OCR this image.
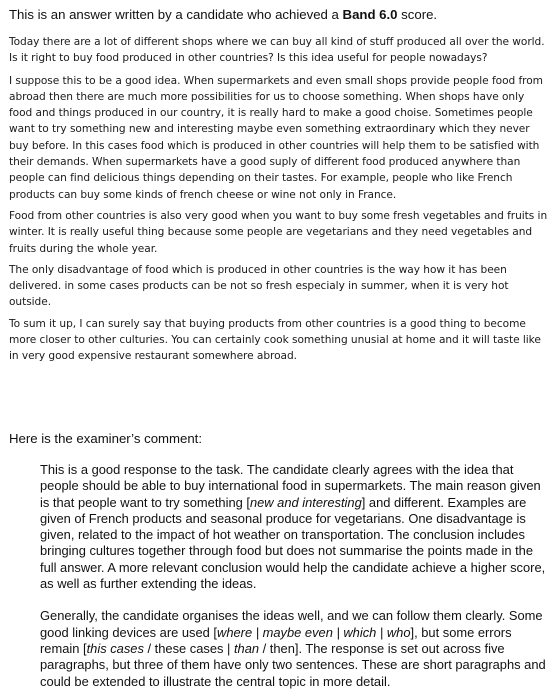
This is an answer written by a candidate who achieved a Band 6.0 score.

Today there are a lot of different shops where we can buy all kind of stuff produced all over the world. Is it right to buy food produced in other countries? Is this idea useful for people nowadays?

I suppose this to be a good idea. When supermarkets and even small shops provide people food from abroad then there are much more possibilities for us to choose something. When shops have only food and things produced in our country, it is really hard to make a good choise. Sometimes people want to try something new and interesting maybe even something extraordinary which they never buy before. In this cases food which is produced in other countries will help them to be satisfied with their demands. When supermarkets have a good suply of different food produced anywhere than people can find delicious things depending on their tastes. For example, people who like French products can buy some kinds of french cheese or wine not only in France.

Food from other countries is also very good when you want to buy some fresh vegetables and fruits in winter. It is really useful thing because some people are vegetarians and they need vegetables and fruits during the whole year.

The only disadvantage of food which is produced in other countries is the way how it has been delivered. in some cases products can be not so fresh especialy in summer, when it is very hot outside.

To sum it up, I can surely say that buying products from other countries is a good thing to become more closer to other culturies. You can certainly cook something unusial at home and it will taste like in very good expensive restaurant somewhere abroad.

Here is the examiner’s comment:

This is a good response to the task. The candidate clearly agrees with the idea that people should be able to buy international food in supermarkets. The main reason given is that people want to try something [new and interesting] and different. Examples are given of French products and seasonal produce for vegetarians. One disadvantage is given, related to the impact of hot weather on transportation. The conclusion includes bringing cultures together through food but does not summarise the points made in the full answer. A more relevant conclusion would help the candidate achieve a higher score, as well as further extending the ideas.

Generally, the candidate organises the ideas well, and we can follow them clearly. Some good linking devices are used [where | maybe even | which | who], but some errors remain [this cases / these cases | than / then]. The response is set out across five paragraphs, but three of them have only two sentences. These are short paragraphs and could be extended to illustrate the central topic in more detail.
